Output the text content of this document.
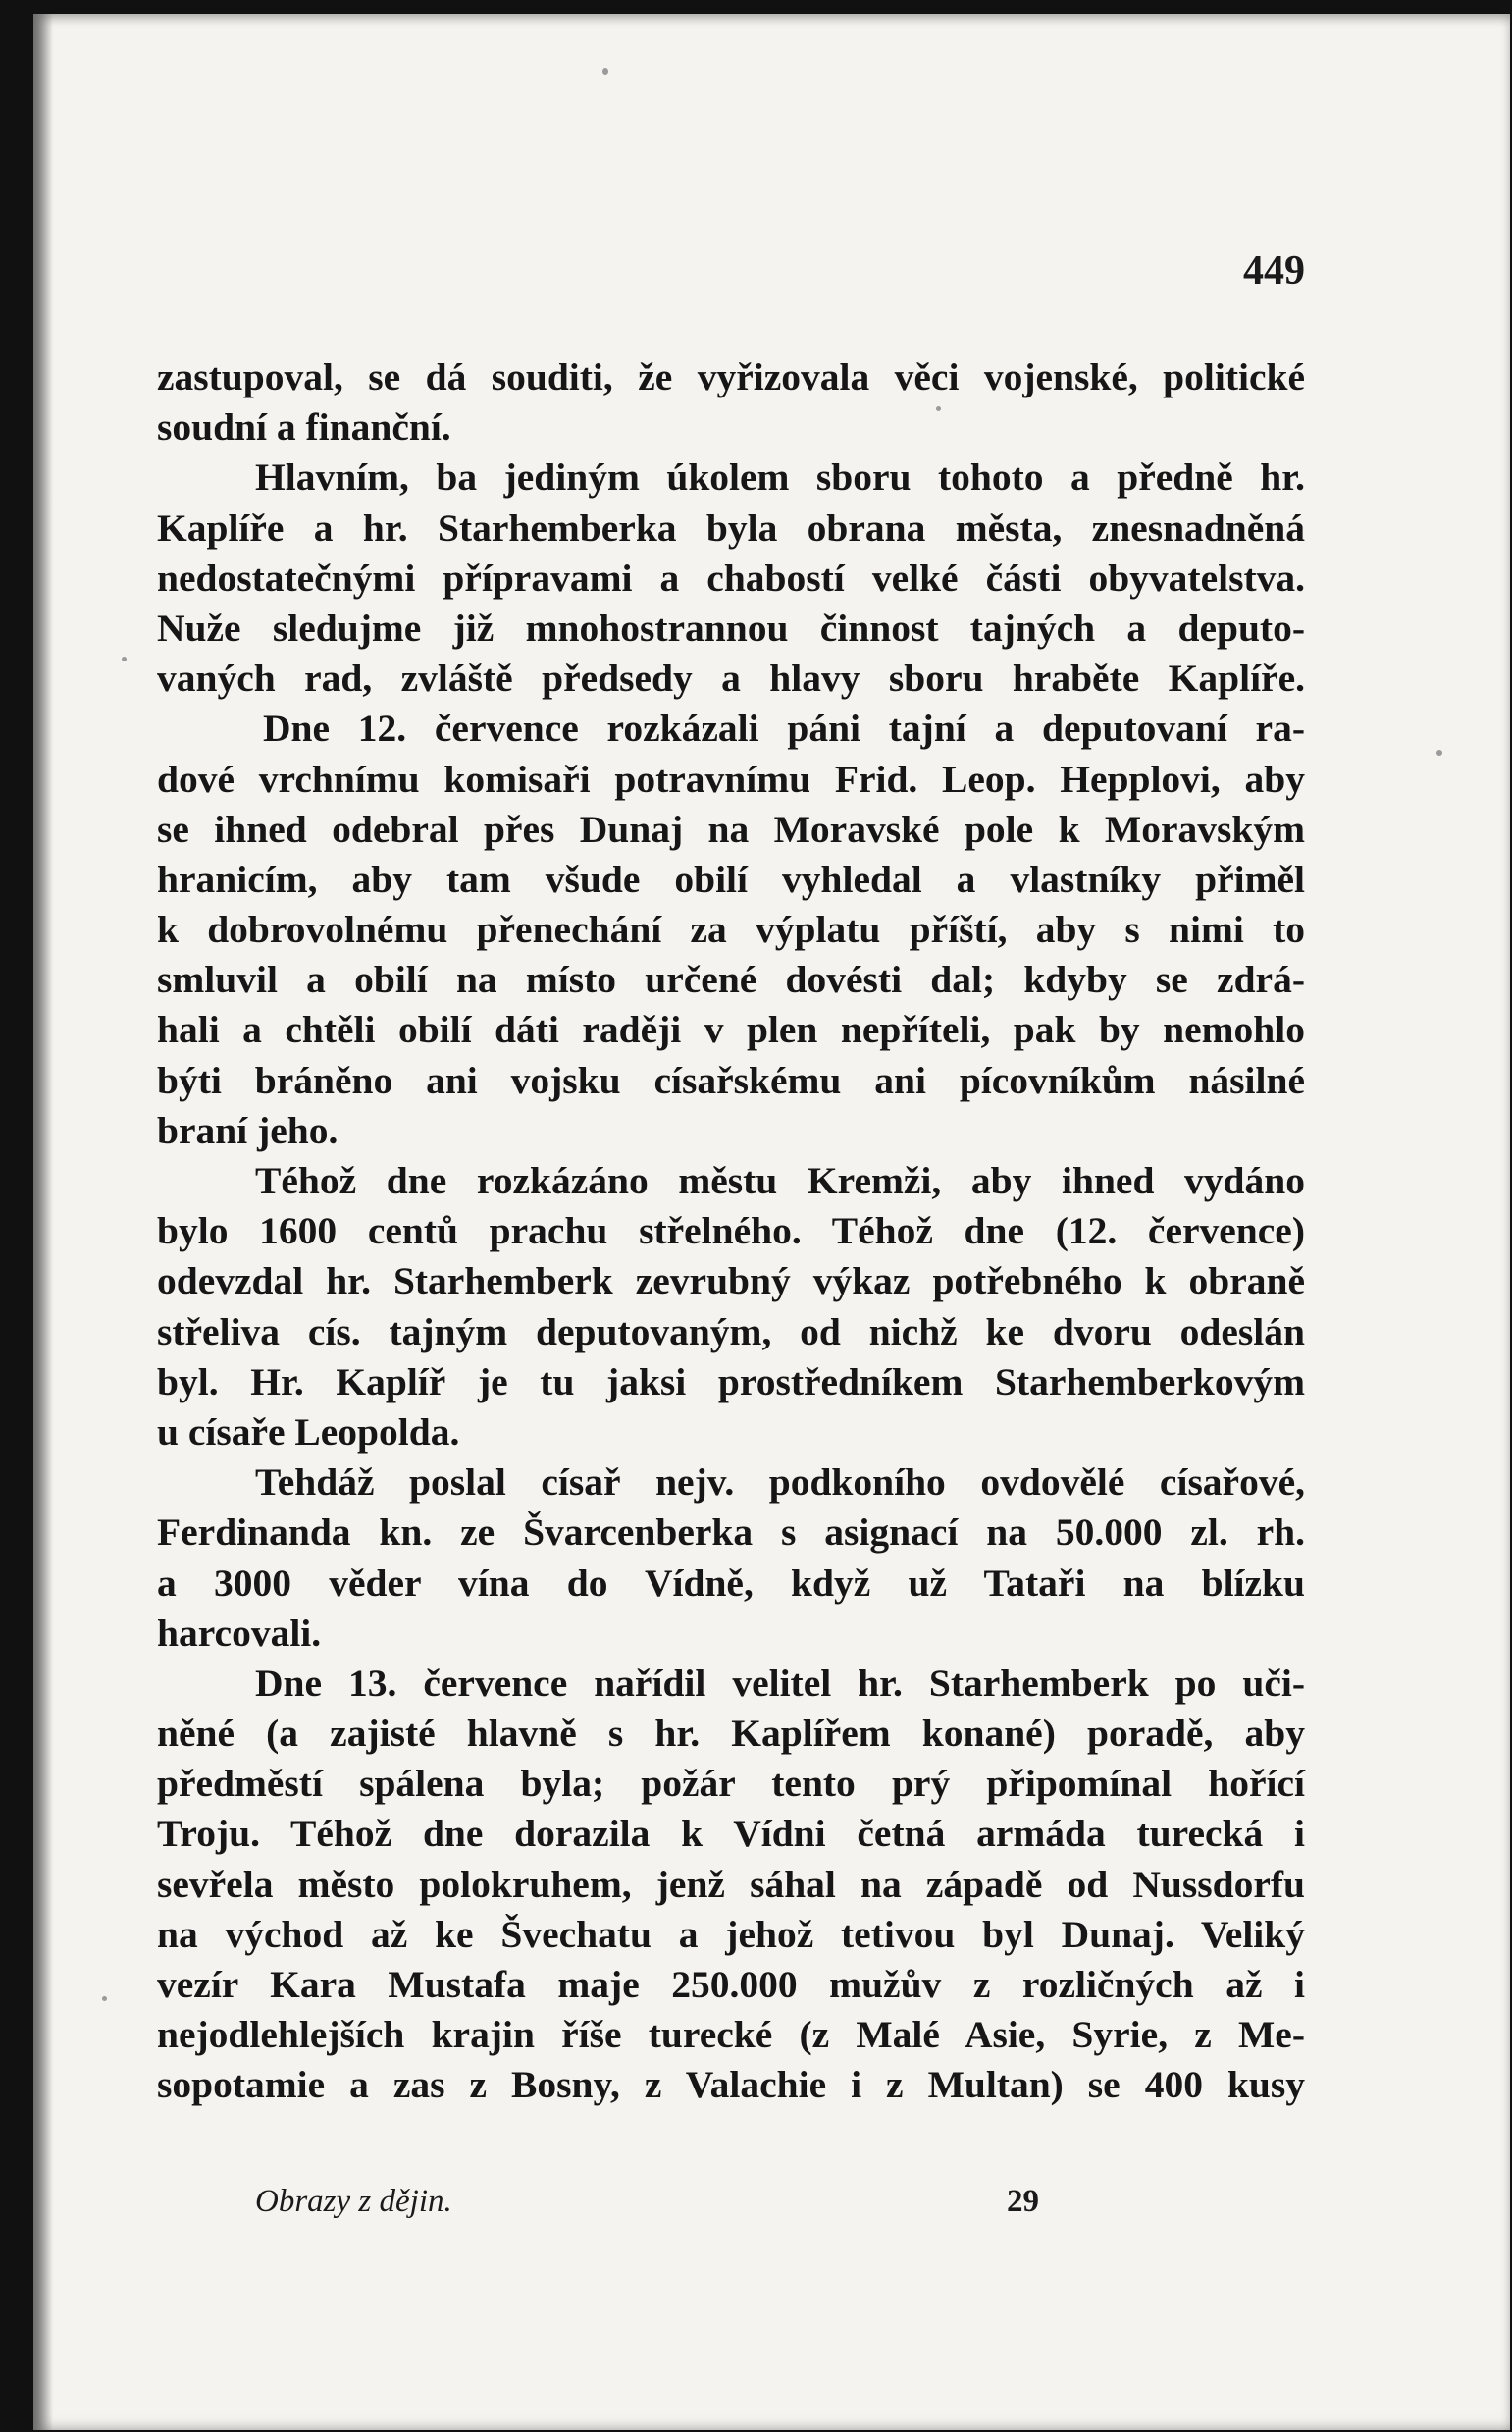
449
zastupoval, se dá souditi, že vyřizovala věci vojenské, politické
soudní a finanční.
Hlavním, ba jediným úkolem sboru tohoto a předně hr.
Kaplíře a hr. Starhemberka byla obrana města, znesnadněná
nedostatečnými přípravami a chabostí velké části obyvatelstva.
Nuže sledujme již mnohostrannou činnost tajných a deputo-
vaných rad, zvláště předsedy a hlavy sboru hraběte Kaplíře.
Dne 12. července rozkázali páni tajní a deputovaní ra-
dové vrchnímu komisaři potravnímu Frid. Leop. Hepplovi, aby
se ihned odebral přes Dunaj na Moravské pole k Moravským
hranicím, aby tam všude obilí vyhledal a vlastníky přiměl
k dobrovolnému přenechání za výplatu příští, aby s nimi to
smluvil a obilí na místo určené dovésti dal; kdyby se zdrá-
hali a chtěli obilí dáti raději v plen nepříteli, pak by nemohlo
býti bráněno ani vojsku císařskému ani pícovníkům násilné
braní jeho.
Téhož dne rozkázáno městu Kremži, aby ihned vydáno
bylo 1600 centů prachu střelného. Téhož dne (12. července)
odevzdal hr. Starhemberk zevrubný výkaz potřebného k obraně
střeliva cís. tajným deputovaným, od nichž ke dvoru odeslán
byl. Hr. Kaplíř je tu jaksi prostředníkem Starhemberkovým
u císaře Leopolda.
Tehdáž poslal císař nejv. podkoního ovdovělé císařové,
Ferdinanda kn. ze Švarcenberka s asignací na 50.000 zl. rh.
a 3000 věder vína do Vídně, když už Tataři na blízku
harcovali.
Dne 13. července nařídil velitel hr. Starhemberk po uči-
něné (a zajisté hlavně s hr. Kaplířem konané) poradě, aby
předměstí spálena byla; požár tento prý připomínal hořící
Troju. Téhož dne dorazila k Vídni četná armáda turecká i
sevřela město polokruhem, jenž sáhal na západě od Nussdorfu
na východ až ke Švechatu a jehož tetivou byl Dunaj. Veliký
vezír Kara Mustafa maje 250.000 mužův z rozličných až i
nejodlehlejších krajin říše turecké (z Malé Asie, Syrie, z Me-
sopotamie a zas z Bosny, z Valachie i z Multan) se 400 kusy
Obrazy z dějin.	29
